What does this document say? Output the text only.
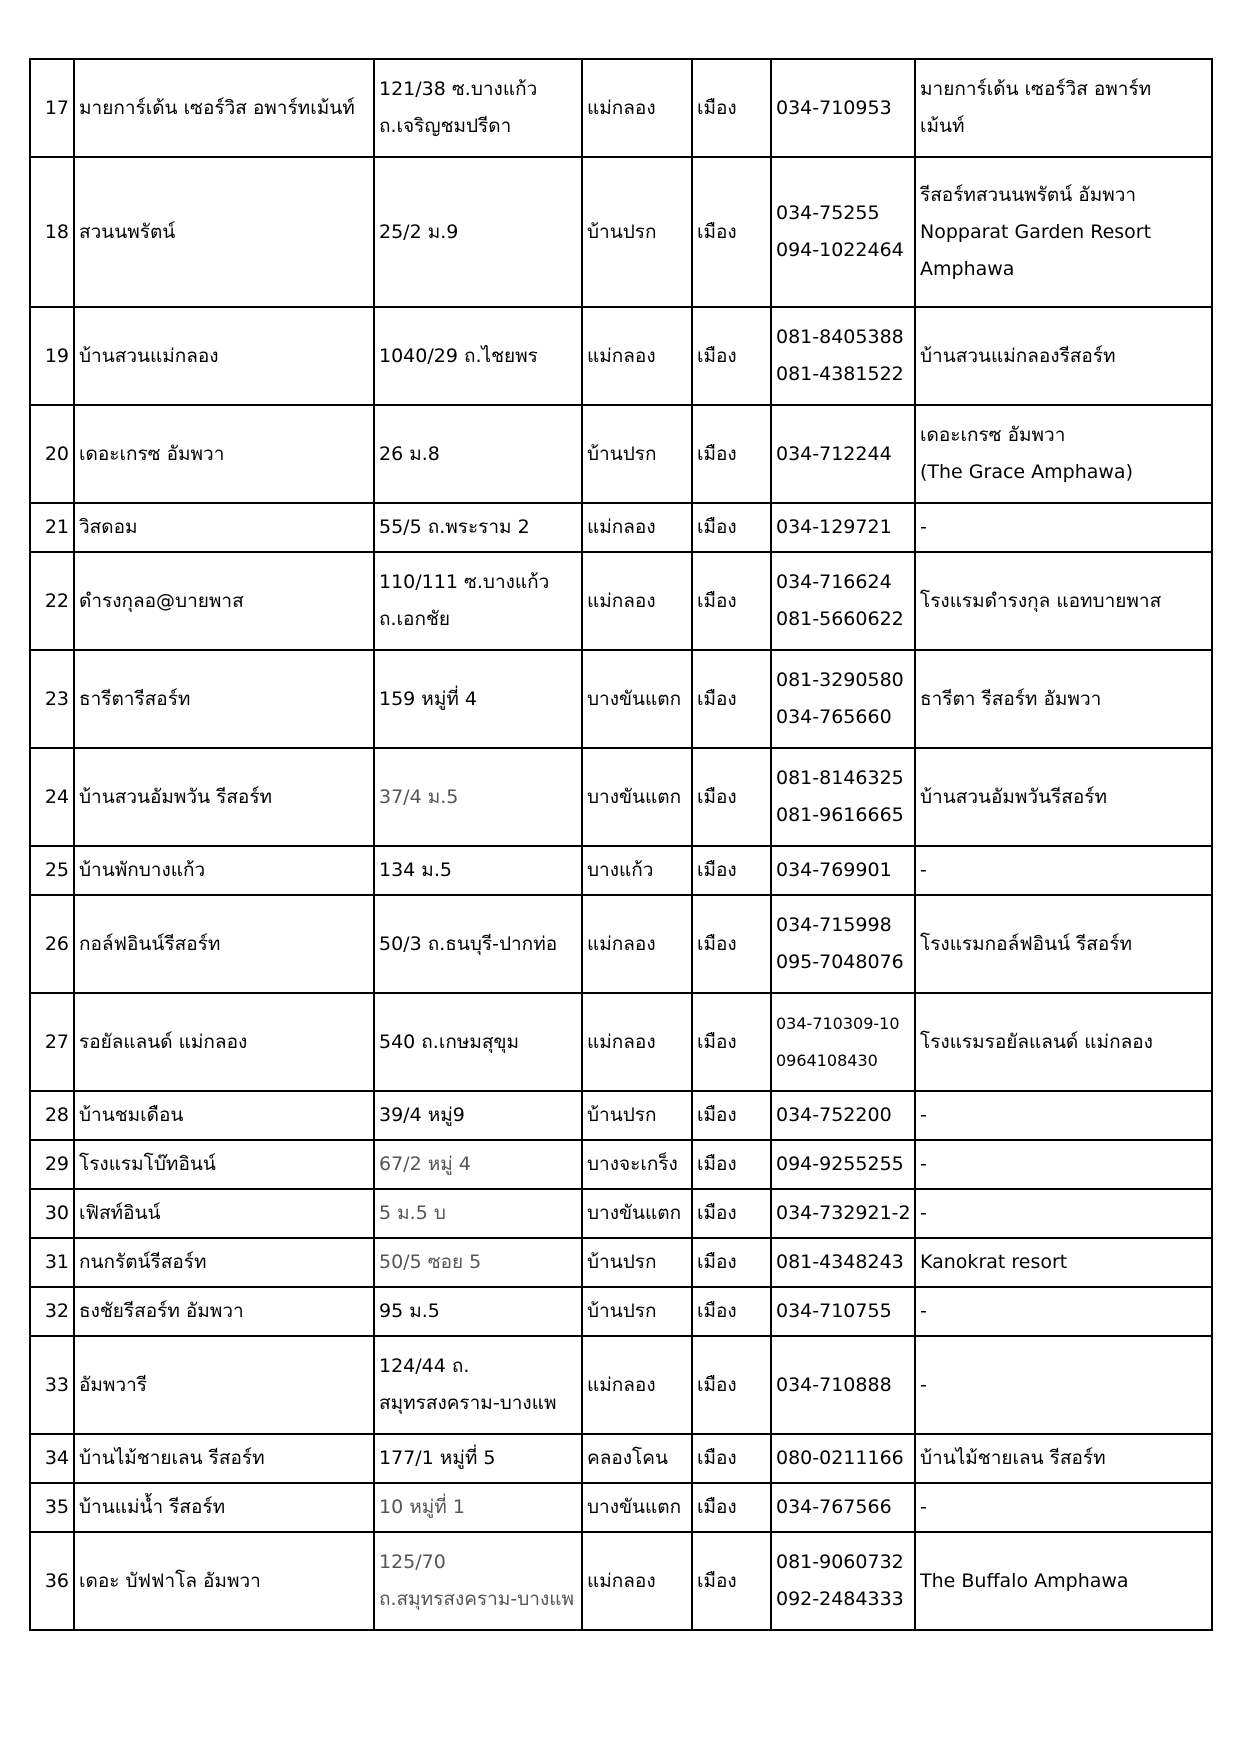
17	มายการ์เด้น เซอร์วิส อพาร์ทเม้นท์	121/38 ซ.บางแก้ว
ถ.เจริญชมปรีดา	แม่กลอง	เมือง	034-710953	มายการ์เด้น เซอร์วิส อพาร์ท
เม้นท์

18	สวนนพรัตน์	25/2 ม.9	บ้านปรก	เมือง	034-75255
094-1022464	รีสอร์ทสวนนพรัตน์ อัมพวา
Nopparat Garden Resort
Amphawa

19	บ้านสวนแม่กลอง	1040/29 ถ.ไชยพร	แม่กลอง	เมือง	081-8405388
081-4381522	บ้านสวนแม่กลองรีสอร์ท

20	เดอะเกรซ อัมพวา	26 ม.8	บ้านปรก	เมือง	034-712244	เดอะเกรซ อัมพวา
(The Grace Amphawa)

21	วิสดอม	55/5 ถ.พระราม 2	แม่กลอง	เมือง	034-129721	-

22	ดำรงกุลอ@บายพาส	110/111 ซ.บางแก้ว
ถ.เอกชัย	แม่กลอง	เมือง	034-716624
081-5660622	โรงแรมดำรงกุล แอทบายพาส

23	ธารีตารีสอร์ท	159 หมู่ที่ 4	บางขันแตก	เมือง	081-3290580
034-765660	ธารีตา รีสอร์ท อัมพวา

24	บ้านสวนอัมพวัน รีสอร์ท	37/4 ม.5	บางขันแตก	เมือง	081-8146325
081-9616665	บ้านสวนอัมพวันรีสอร์ท

25	บ้านพักบางแก้ว	134 ม.5	บางแก้ว	เมือง	034-769901	-

26	กอล์ฟอินน์รีสอร์ท	50/3 ถ.ธนบุรี-ปากท่อ	แม่กลอง	เมือง	034-715998
095-7048076	โรงแรมกอล์ฟอินน์ รีสอร์ท

27	รอยัลแลนด์ แม่กลอง	540 ถ.เกษมสุขุม	แม่กลอง	เมือง	034-710309-10
0964108430	โรงแรมรอยัลแลนด์ แม่กลอง

28	บ้านชมเดือน	39/4 หมู่9	บ้านปรก	เมือง	034-752200	-

29	โรงแรมโบ๊ทอินน์	67/2 หมู่ 4	บางจะเกร็ง	เมือง	094-9255255	-

30	เฟิสท์อินน์	5 ม.5 บ	บางขันแตก	เมือง	034-732921-2	-

31	กนกรัตน์รีสอร์ท	50/5 ซอย 5	บ้านปรก	เมือง	081-4348243	Kanokrat resort

32	ธงชัยรีสอร์ท อัมพวา	95 ม.5	บ้านปรก	เมือง	034-710755	-

33	อัมพวารี	124/44 ถ.
สมุทรสงคราม-บางแพ	แม่กลอง	เมือง	034-710888	-

34	บ้านไม้ชายเลน รีสอร์ท	177/1 หมู่ที่ 5	คลองโคน	เมือง	080-0211166	บ้านไม้ชายเลน รีสอร์ท

35	บ้านแม่น้ำ รีสอร์ท	10 หมู่ที่ 1	บางขันแตก	เมือง	034-767566	-

36	เดอะ บัฟฟาโล อัมพวา	125/70
ถ.สมุทรสงคราม-บางแพ	แม่กลอง	เมือง	081-9060732
092-2484333	The Buffalo Amphawa
